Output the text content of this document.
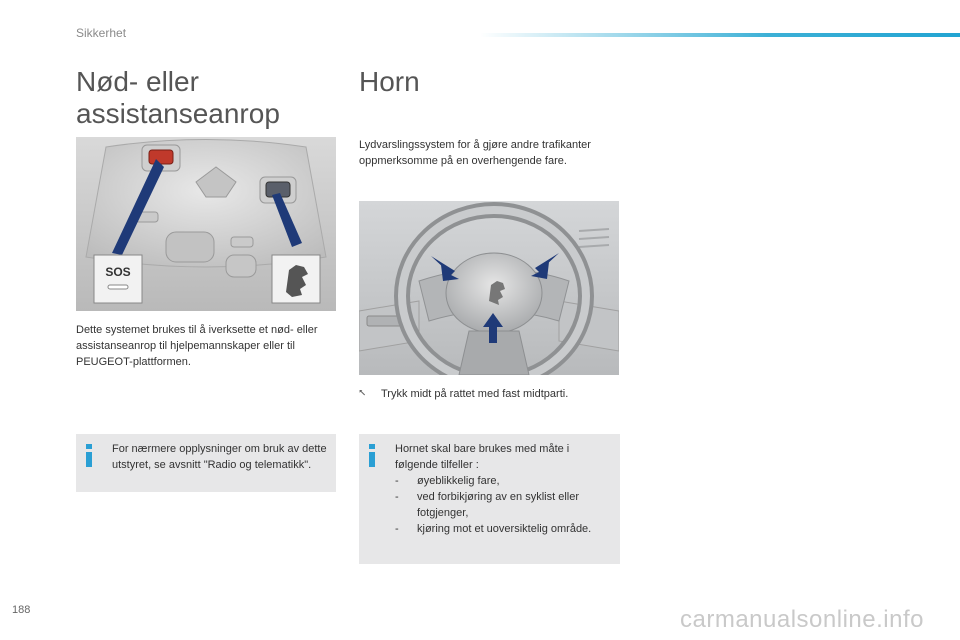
Sikkerhet
Nød- eller
assistanseanrop
SOS

Dette systemet brukes til å iverksette et nød- eller assistanseanrop til hjelpemannskaper eller til PEUGEOT-plattformen.

For nærmere opplysninger om bruk av dette utstyret, se avsnitt "Radio og telematikk".

Horn

Lydvarslingssystem for å gjøre andre trafikanter oppmerksomme på en overhengende fare.

⭦	Trykk midt på rattet med fast midtparti.

Hornet skal bare brukes med måte i følgende tilfeller :

-	øyeblikkelig fare,
-	ved forbikjøring av en syklist eller fotgjenger,
-	kjøring mot et uoversiktelig område.
188	carmanualsonline.info
